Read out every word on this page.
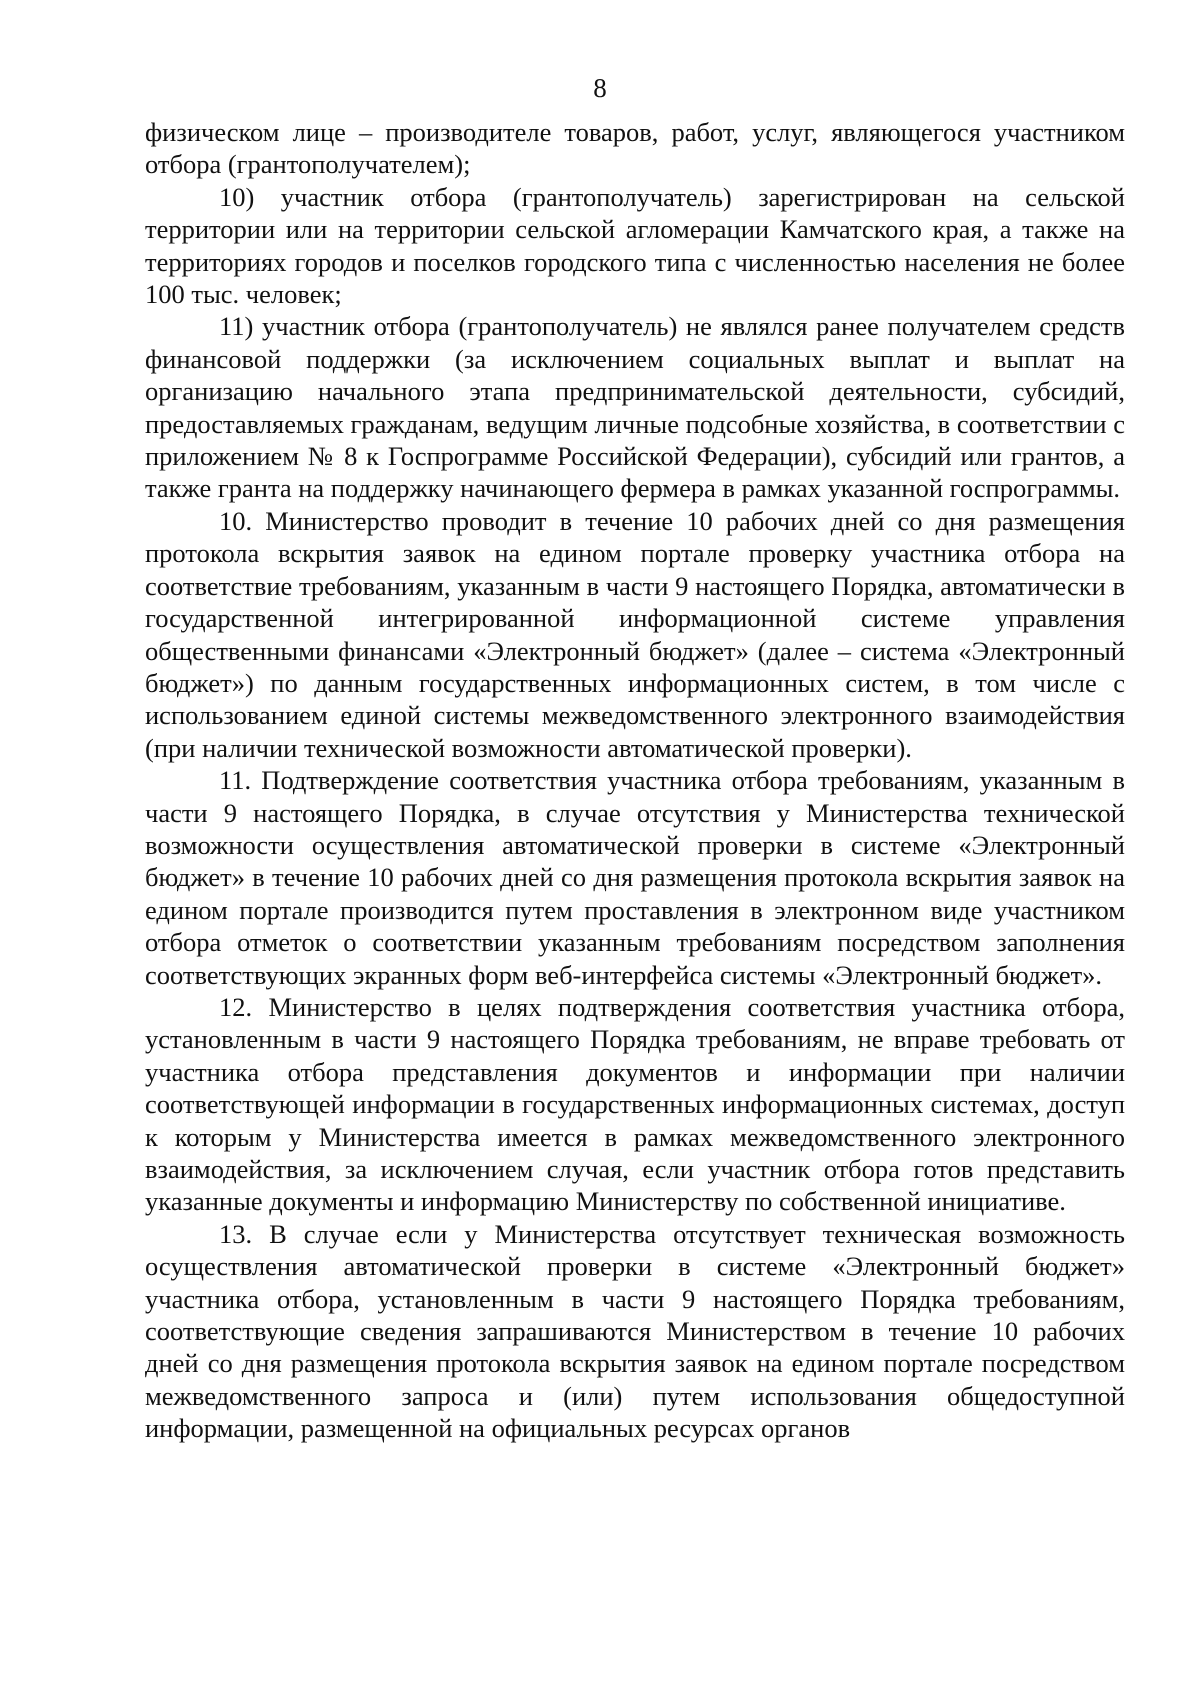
8

физическом лице – производителе товаров, работ, услуг, являющегося участником отбора (грантополучателем);

10) участник отбора (грантополучатель) зарегистрирован на сельской территории или на территории сельской агломерации Камчатского края, а также на территориях городов и поселков городского типа с численностью населения не более 100 тыс. человек;

11) участник отбора (грантополучатель) не являлся ранее получателем средств финансовой поддержки (за исключением социальных выплат и выплат на организацию начального этапа предпринимательской деятельности, субсидий, предоставляемых гражданам, ведущим личные подсобные хозяйства, в соответствии с приложением № 8 к Госпрограмме Российской Федерации), субсидий или грантов, а также гранта на поддержку начинающего фермера в рамках указанной госпрограммы.

10. Министерство проводит в течение 10 рабочих дней со дня размещения протокола вскрытия заявок на едином портале проверку участника отбора на соответствие требованиям, указанным в части 9 настоящего Порядка, автоматически в государственной интегрированной информационной системе управления общественными финансами «Электронный бюджет» (далее – система «Электронный бюджет») по данным государственных информационных систем, в том числе с использованием единой системы межведомственного электронного взаимодействия (при наличии технической возможности автоматической проверки).

11. Подтверждение соответствия участника отбора требованиям, указанным в части 9 настоящего Порядка, в случае отсутствия у Министерства технической возможности осуществления автоматической проверки в системе «Электронный бюджет» в течение 10 рабочих дней со дня размещения протокола вскрытия заявок на едином портале производится путем проставления в электронном виде участником отбора отметок о соответствии указанным требованиям посредством заполнения соответствующих экранных форм веб-интерфейса системы «Электронный бюджет».

12. Министерство в целях подтверждения соответствия участника отбора, установленным в части 9 настоящего Порядка требованиям, не вправе требовать от участника отбора представления документов и информации при наличии соответствующей информации в государственных информационных системах, доступ к которым у Министерства имеется в рамках межведомственного электронного взаимодействия, за исключением случая, если участник отбора готов представить указанные документы и информацию Министерству по собственной инициативе.

13. В случае если у Министерства отсутствует техническая возможность осуществления автоматической проверки в системе «Электронный бюджет» участника отбора, установленным в части 9 настоящего Порядка требованиям, соответствующие сведения запрашиваются Министерством в течение 10 рабочих дней со дня размещения протокола вскрытия заявок на едином портале посредством межведомственного запроса и (или) путем использования общедоступной информации, размещенной на официальных ресурсах органов
